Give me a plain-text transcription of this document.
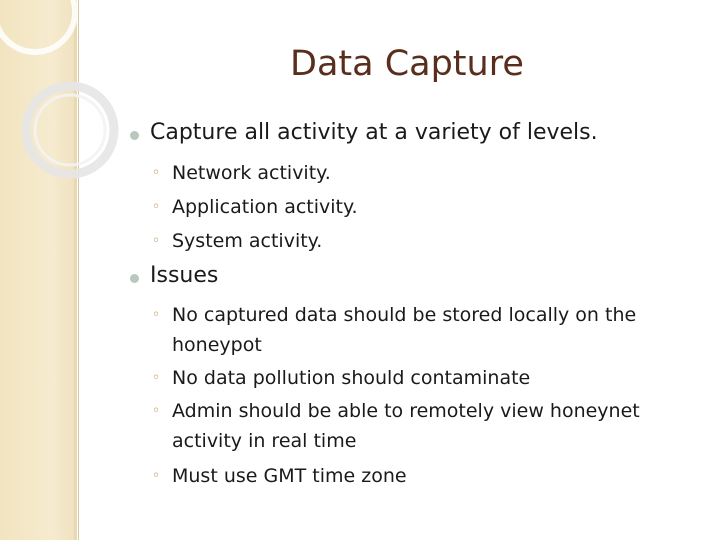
Data Capture
Capture all activity at a variety of levels.
◦ Network activity.
◦ Application activity.
◦ System activity.
Issues
◦ No captured data should be stored locally on the
honeypot
◦ No data pollution should contaminate
◦ Admin should be able to remotely view honeynet
activity in real time
◦ Must use GMT time zone
